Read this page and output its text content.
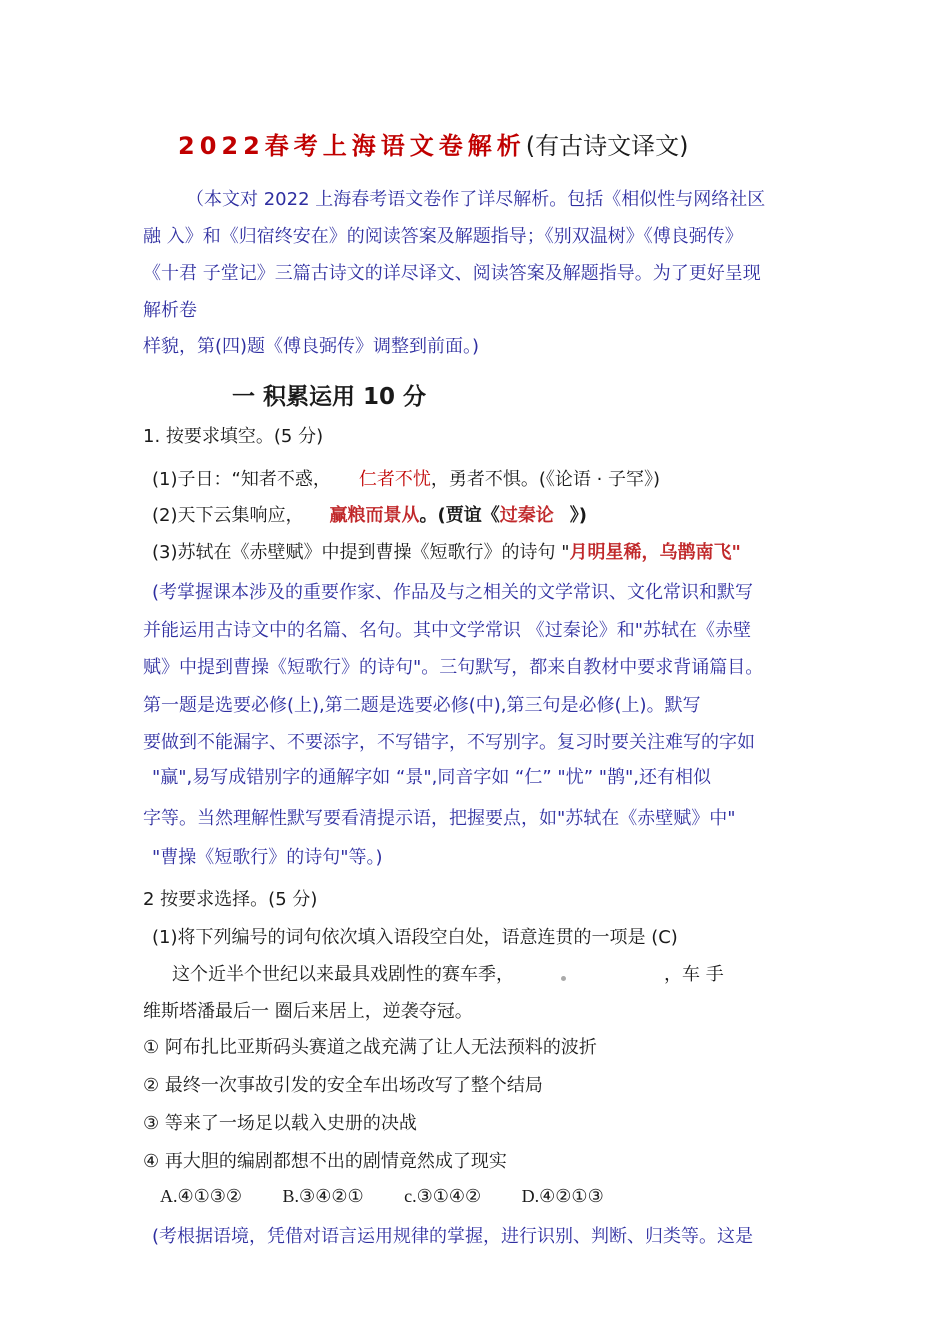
2022春考上海语文卷解析(有古诗文译文)
（本文对 2022 上海春考语文卷作了详尽解析。包括《相似性与网络社区
融 入》和《归宿终安在》的阅读答案及解题指导；《别双温树》《傅良弼传》
《十君 子堂记》三篇古诗文的详尽译文、阅读答案及解题指导。为了更好呈现
解析卷
样貌，第(四)题《傅良弼传》调整到前面。)
一 积累运用 10 分
1. 按要求填空。(5 分)
(1)子日：“知者不惑， 仁者不忧，勇者不惧。(《论语 · 子罕》)
(2)天下云集响应， 赢粮而景从。(贾谊《过秦论 》)
(3)苏轼在《赤壁赋》中提到曹操《短歌行》的诗句 "月明星稀，乌鹊南飞"
(考掌握课本涉及的重要作家、作品及与之相关的文学常识、文化常识和默写
并能运用古诗文中的名篇、名句。其中文学常识 《过秦论》和"苏轼在《赤壁
赋》中提到曹操《短歌行》的诗句"。三句默写，都来自教材中要求背诵篇目。
第一题是选要必修(上),第二题是选要必修(中),第三句是必修(上)。默写
要做到不能漏字、不要添字，不写错字，不写别字。复习时要关注难写的字如
"赢",易写成错别字的通解字如 “景",同音字如 “仁” "忧” "鹊",还有相似
字等。当然理解性默写要看清提示语，把握要点，如"苏轼在《赤壁赋》中"
"曹操《短歌行》的诗句"等。)
2 按要求选择。(5 分)
(1)将下列编号的词句依次填入语段空白处，语意连贯的一项是 (C)
这个近半个世纪以来最具戏剧性的赛车季，	，车 手
维斯塔潘最后一 圈后来居上，逆袭夺冠。
① 阿布扎比亚斯码头赛道之战充满了让人无法预料的波折
② 最终一次事故引发的安全车出场改写了整个结局
③ 等来了一场足以载入史册的决战
④ 再大胆的编剧都想不出的剧情竟然成了现实
A.④①③② B.③④②① c.③①④② D.④②①③
(考根据语境，凭借对语言运用规律的掌握，进行识别、判断、归类等。这是
